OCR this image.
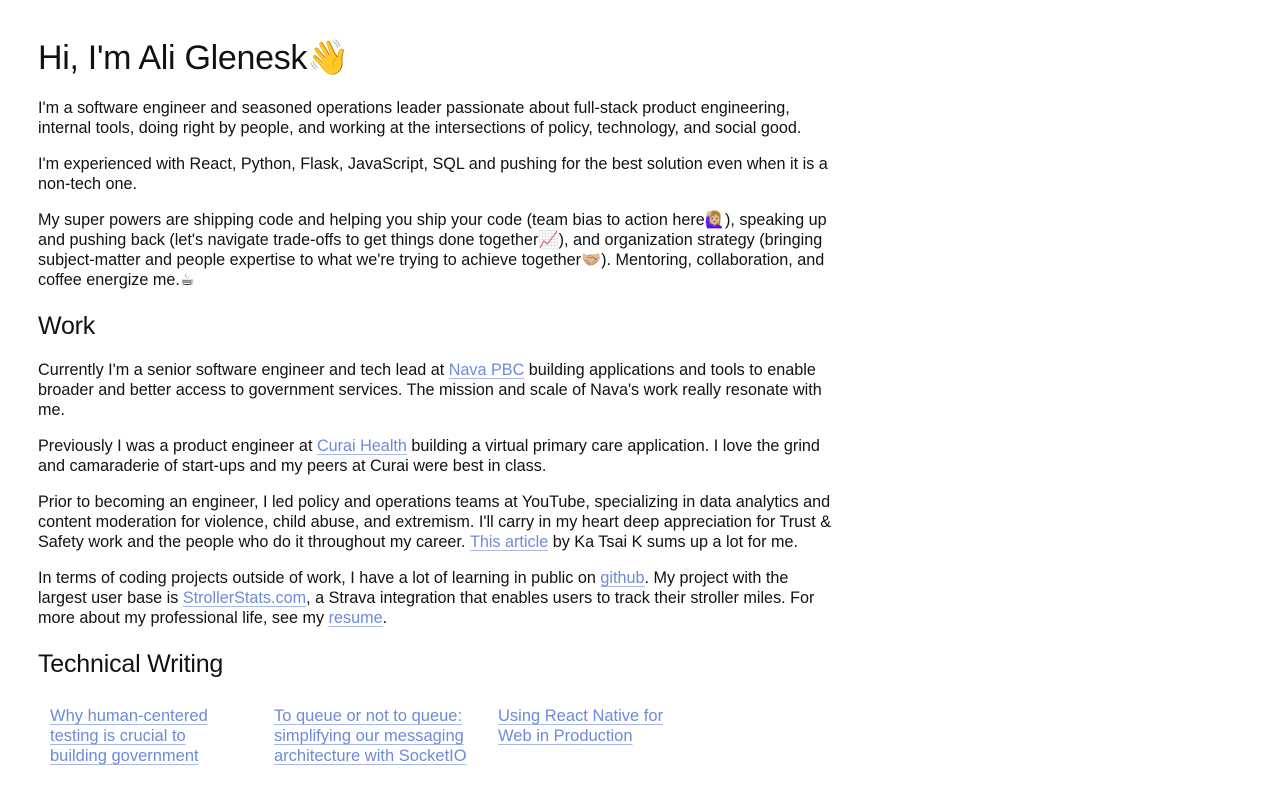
Hi, I'm Ali Glenesk👋

I'm a software engineer and seasoned operations leader passionate about full-stack product engineering, internal tools, doing right by people, and working at the intersections of policy, technology, and social good.

I'm experienced with React, Python, Flask, JavaScript, SQL and pushing for the best solution even when it is a non-tech one.

My super powers are shipping code and helping you ship your code (team bias to action here🙋🏼‍♀️), speaking up and pushing back (let's navigate trade-offs to get things done together📈), and organization strategy (bringing subject-matter and people expertise to what we're trying to achieve together🤝🏼). Mentoring, collaboration, and coffee energize me.☕

Work

Currently I'm a senior software engineer and tech lead at Nava PBC building applications and tools to enable broader and better access to government services. The mission and scale of Nava's work really resonate with me.

Previously I was a product engineer at Curai Health building a virtual primary care application. I love the grind and camaraderie of start-ups and my peers at Curai were best in class.

Prior to becoming an engineer, I led policy and operations teams at YouTube, specializing in data analytics and content moderation for violence, child abuse, and extremism. I'll carry in my heart deep appreciation for Trust & Safety work and the people who do it throughout my career. This article by Ka Tsai K sums up a lot for me.

In terms of coding projects outside of work, I have a lot of learning in public on github. My project with the largest user base is StrollerStats.com, a Strava integration that enables users to track their stroller miles. For more about my professional life, see my resume.

Technical Writing
Why human-centered testing is crucial to building government
To queue or not to queue: simplifying our messaging architecture with SocketIO
Using React Native for Web in Production
